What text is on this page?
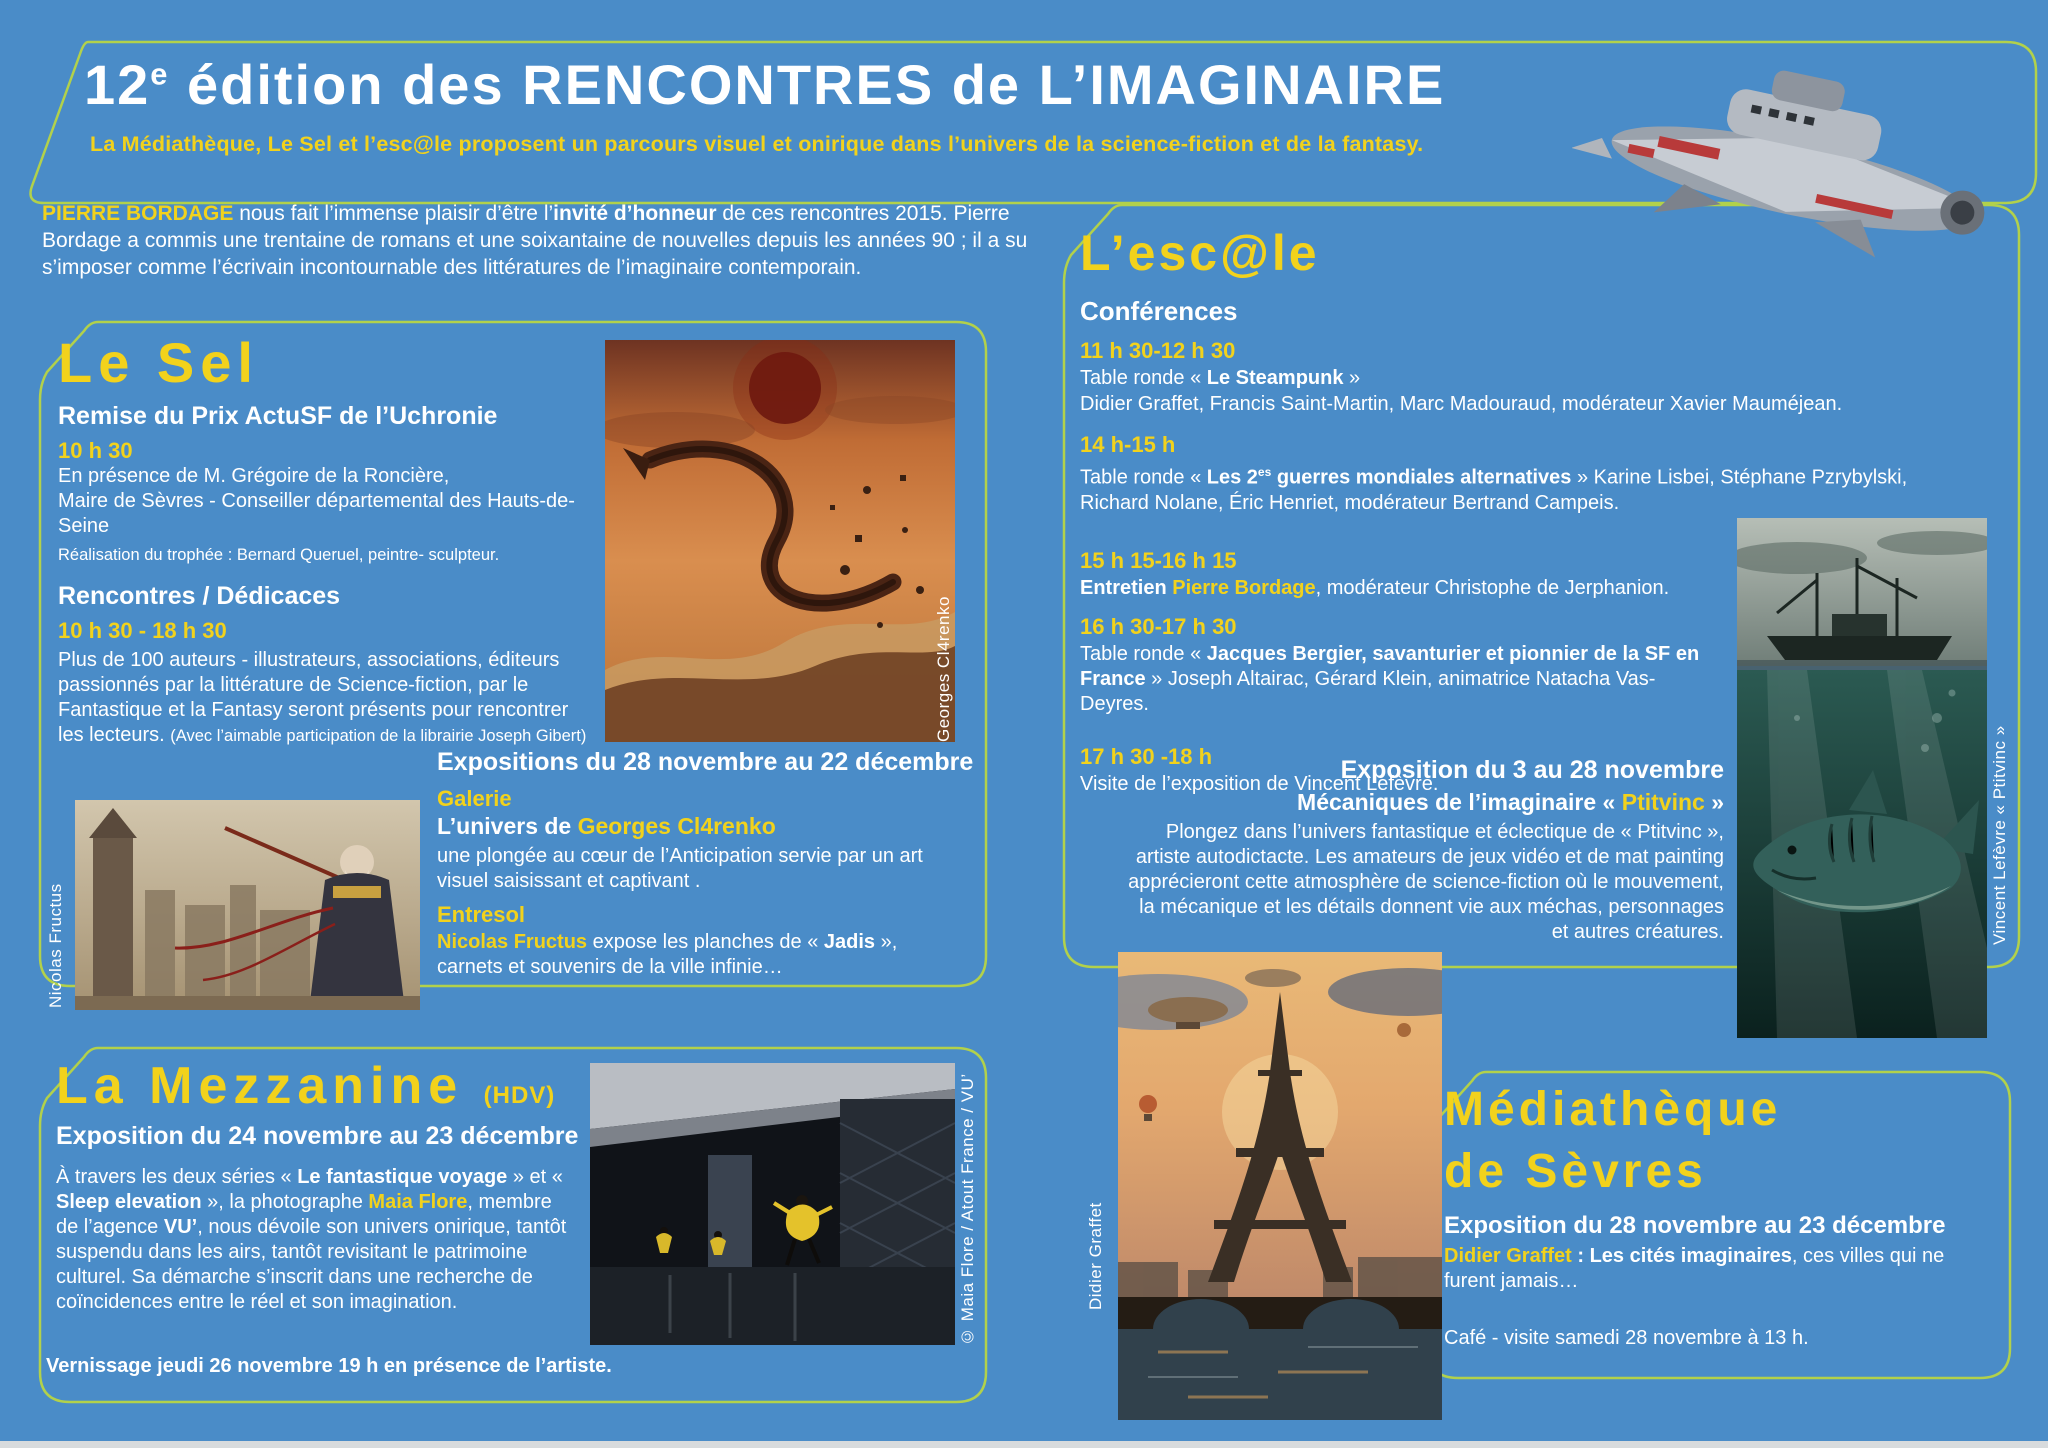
12e édition des RENCONTRES de L’IMAGINAIRE
La Médiathèque, Le Sel et l’esc@le proposent un parcours visuel et onirique dans l’univers de la science-fiction et de la fantasy.
PIERRE BORDAGE nous fait l’immense plaisir d’être l’invité d’honneur de ces rencontres 2015. Pierre Bordage a commis une trentaine de romans et une soixantaine de nouvelles depuis les années 90 ; il a su s’imposer comme l’écrivain incontournable des littératures de l’imaginaire contemporain.
Le Sel
Remise du Prix ActuSF de l’Uchronie
10 h 30
En présence de M. Grégoire de la Roncière,
Maire de Sèvres - Conseiller départemental des Hauts-de-Seine
Réalisation du trophée : Bernard Queruel, peintre- sculpteur.
Rencontres / Dédicaces
10 h 30 - 18 h 30
Plus de 100 auteurs - illustrateurs, associations, éditeurs passionnés par la littérature de Science-fiction, par le Fantastique et la Fantasy seront présents pour rencontrer les lecteurs. (Avec l’aimable participation de la librairie Joseph Gibert)
Expositions du 28 novembre au 22 décembre
Galerie
L’univers de Georges Cl4renko
une plongée au cœur de l’Anticipation servie par un art visuel saisissant et captivant .
Entresol
Nicolas Fructus expose les planches de « Jadis », carnets et souvenirs de la ville infinie…
Georges Cl4renko
Nicolas Fructus
La Mezzanine (HDV)
Exposition du 24 novembre au 23 décembre
À travers les deux séries « Le fantastique voyage » et « Sleep elevation », la photographe Maia Flore, membre de l’agence VU’, nous dévoile son univers onirique, tantôt suspendu dans les airs, tantôt revisitant le patrimoine culturel. Sa démarche s’inscrit dans une recherche de coïncidences entre le réel et son imagination.
Vernissage jeudi 26 novembre 19 h en présence de l’artiste.
© Maia Flore / Atout France / VU’
L’esc@le
Conférences
11 h 30-12 h 30
Table ronde « Le Steampunk »
Didier Graffet, Francis Saint-Martin, Marc Madouraud, modérateur Xavier Mauméjean.
14 h-15 h
Table ronde « Les $2^{es}$ guerres mondiales alternatives » Karine Lisbei, Stéphane Pzrybylski, Richard Nolane, Éric Henriet, modérateur Bertrand Campeis.
15 h 15-16 h 15
Entretien Pierre Bordage, modérateur Christophe de Jerphanion.
16 h 30-17 h 30
Table ronde « Jacques Bergier, savanturier et pionnier de la SF en France » Joseph Altairac, Gérard Klein, animatrice Natacha Vas-Deyres.
17 h 30 -18 h
Visite de l’exposition de Vincent Lefèvre.
Exposition du 3 au 28 novembre
Mécaniques de l’imaginaire « Ptitvinc »
Plongez dans l’univers fantastique et éclectique de « Ptitvinc », artiste autodictacte. Les amateurs de jeux vidéo et de mat painting apprécieront cette atmosphère de science-fiction où le mouvement, la mécanique et les détails donnent vie aux méchas, personnages et autres créatures.	Vincent Lefèvre « Ptitvinc »
Didier Graffet
Médiathèque
de Sèvres
Exposition du 28 novembre au 23 décembre
Didier Graffet : Les cités imaginaires, ces villes qui ne furent jamais…
Café - visite samedi 28 novembre à 13 h.
